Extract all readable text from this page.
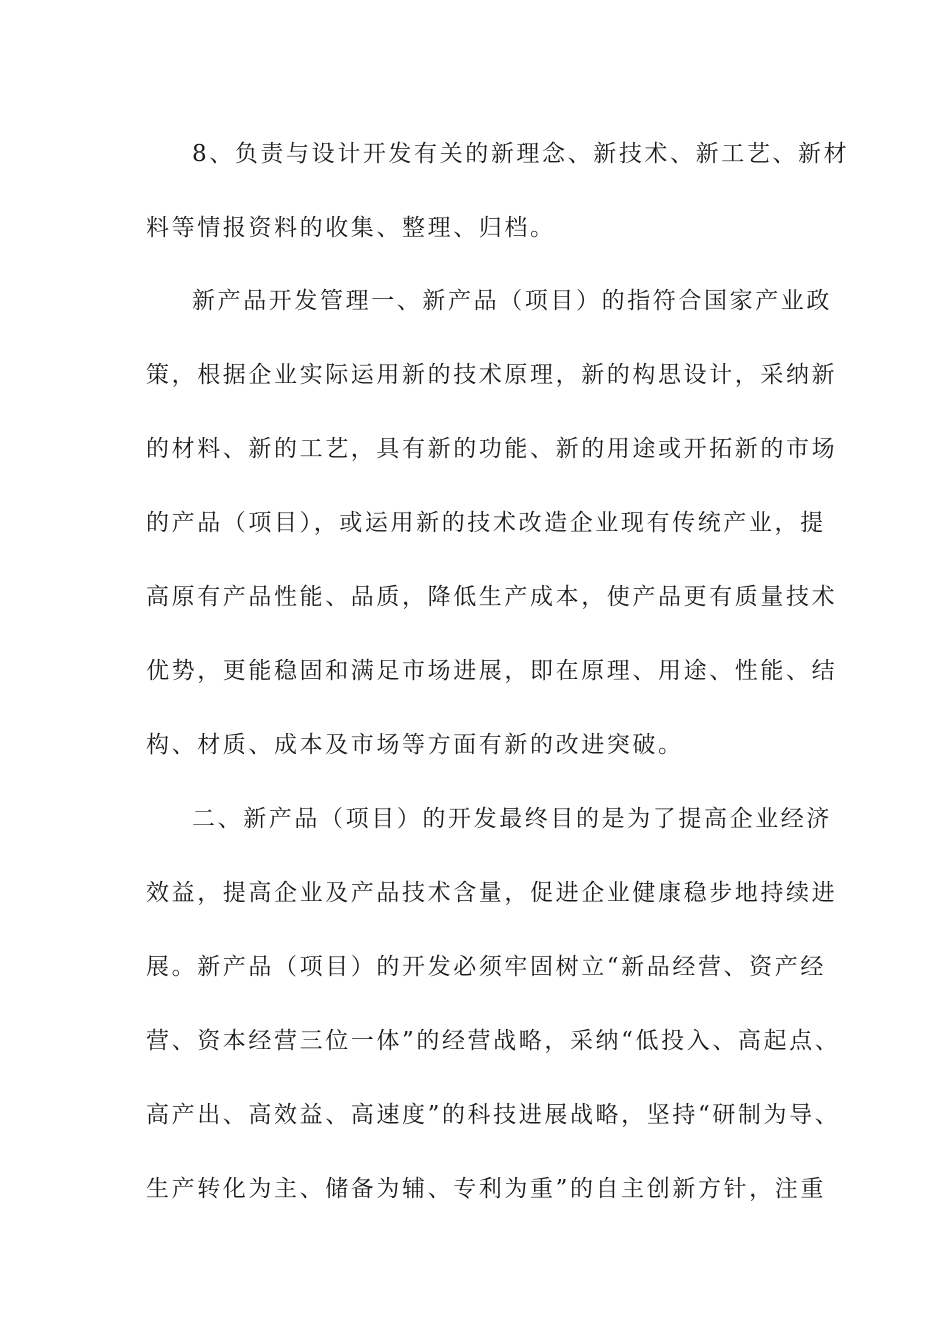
8、负责与设计开发有关的新理念、新技术、新工艺、新材
料等情报资料的收集、整理、归档。
新产品开发管理一、新产品（项目）的指符合国家产业政
策，根据企业实际运用新的技术原理，新的构思设计，采纳新
的材料、新的工艺，具有新的功能、新的用途或开拓新的市场
的产品（项目），或运用新的技术改造企业现有传统产业，提
高原有产品性能、品质，降低生产成本，使产品更有质量技术
优势，更能稳固和满足市场进展，即在原理、用途、性能、结
构、材质、成本及市场等方面有新的改进突破。
二、新产品（项目）的开发最终目的是为了提高企业经济
效益，提高企业及产品技术含量，促进企业健康稳步地持续进
展。新产品（项目）的开发必须牢固树立“新品经营、资产经
营、资本经营三位一体”的经营战略，采纳“低投入、高起点、
高产出、高效益、高速度”的科技进展战略，坚持“研制为导、
生产转化为主、储备为辅、专利为重”的自主创新方针，注重
